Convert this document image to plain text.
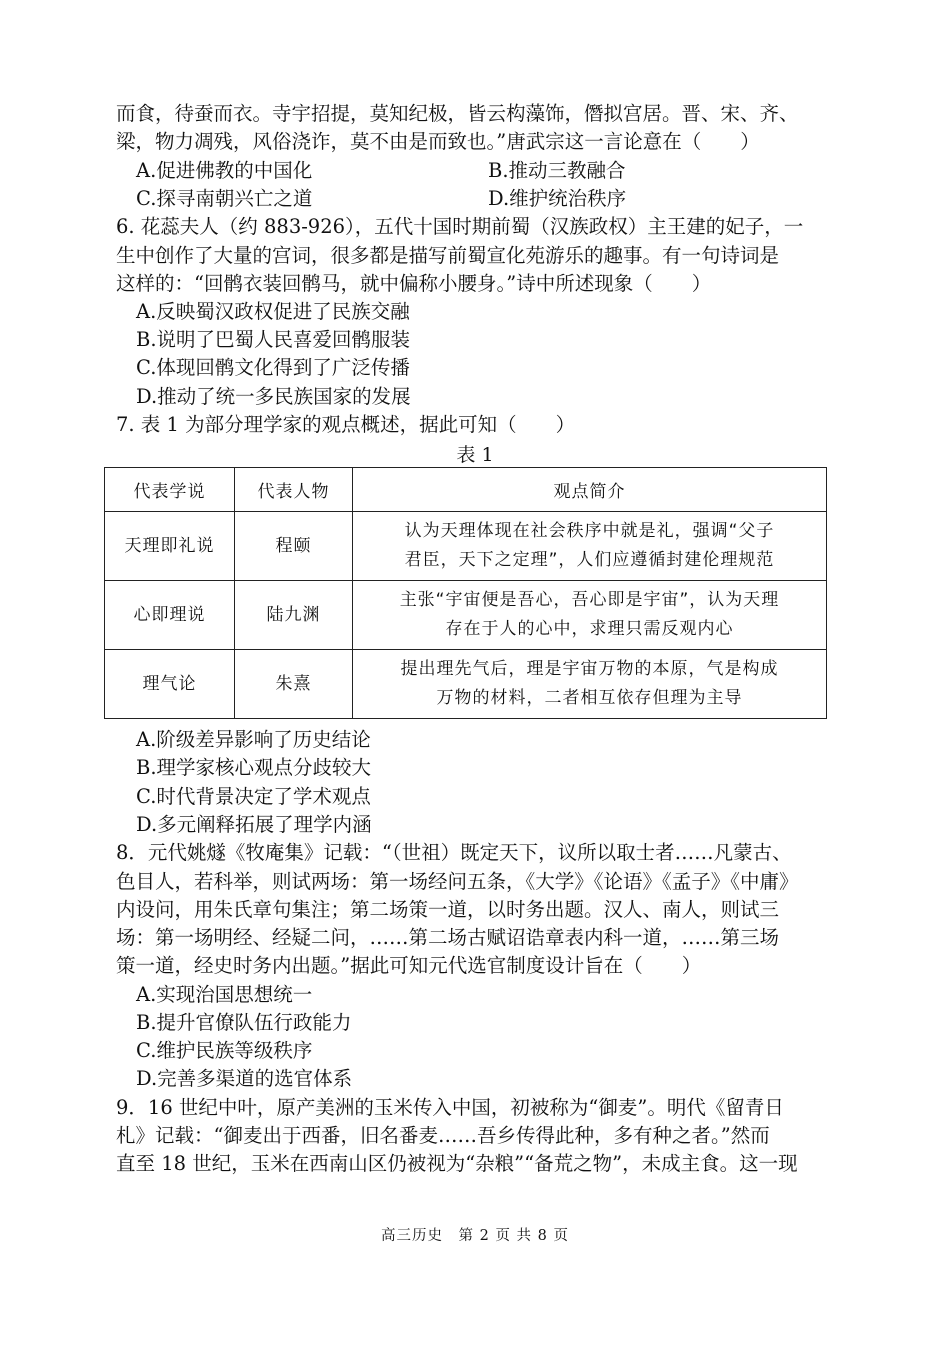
而食，待蚕而衣。寺宇招提，莫知纪极，皆云构藻饰，僭拟宫居。晋、宋、齐、
梁，物力凋残，风俗浇诈，莫不由是而致也。”唐武宗这一言论意在（　　）
A.促进佛教的中国化	B.推动三教融合
C.探寻南朝兴亡之道	D.维护统治秩序
6. 花蕊夫人（约 883-926），五代十国时期前蜀（汉族政权）主王建的妃子，一
生中创作了大量的宫词，很多都是描写前蜀宣化苑游乐的趣事。有一句诗词是
这样的：“回鹘衣装回鹘马，就中偏称小腰身。”诗中所述现象（　　）
A.反映蜀汉政权促进了民族交融
B.说明了巴蜀人民喜爱回鹘服装
C.体现回鹘文化得到了广泛传播
D.推动了统一多民族国家的发展
7. 表 1 为部分理学家的观点概述，据此可知（　　）
表 1
代表学说	代表人物	观点简介
天理即礼说	程颐	认为天理体现在社会秩序中就是礼，强调“父子
君臣，天下之定理”，人们应遵循封建伦理规范

心即理说	陆九渊	主张“宇宙便是吾心，吾心即是宇宙”，认为天理
存在于人的心中，求理只需反观内心

理气论	朱熹	提出理先气后，理是宇宙万物的本原，气是构成
万物的材料，二者相互依存但理为主导
A.阶级差异影响了历史结论
B.理学家核心观点分歧较大
C.时代背景决定了学术观点
D.多元阐释拓展了理学内涵
8．元代姚燧《牧庵集》记载：“（世祖）既定天下，议所以取士者……凡蒙古、
色目人，若科举，则试两场：第一场经问五条，《大学》《论语》《孟子》《中庸》
内设问，用朱氏章句集注；第二场策一道，以时务出题。汉人、南人，则试三
场：第一场明经、经疑二问，……第二场古赋诏诰章表内科一道，……第三场
策一道，经史时务内出题。”据此可知元代选官制度设计旨在（　　）
A.实现治国思想统一
B.提升官僚队伍行政能力
C.维护民族等级秩序
D.完善多渠道的选官体系
9．16 世纪中叶，原产美洲的玉米传入中国，初被称为“御麦”。明代《留青日
札》记载：“御麦出于西番，旧名番麦……吾乡传得此种，多有种之者。”然而
直至 18 世纪，玉米在西南山区仍被视为“杂粮”“备荒之物”，未成主食。这一现
高三历史　第 2 页 共 8 页
